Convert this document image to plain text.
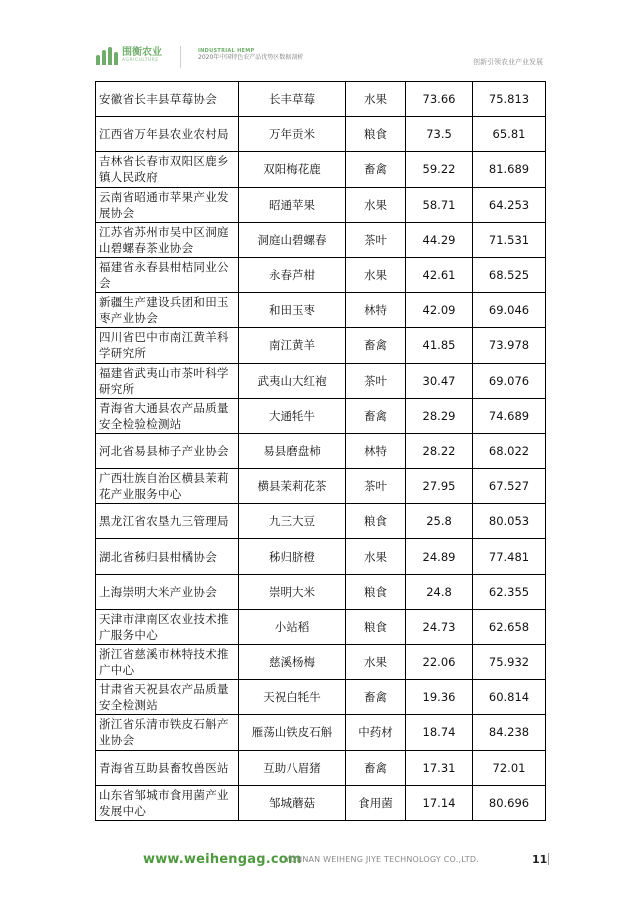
围衡农业
AGRICULTURE
INDUSTRIAL HEMP
2020年中国特色农产品优势区数据剖析
创新引领农业产业发展
安徽省长丰县草莓协会	长丰草莓	水果	73.66	75.813
江西省万年县农业农村局	万年贡米	粮食	73.5	65.81
吉林省长春市双阳区鹿乡镇人民政府	双阳梅花鹿	畜禽	59.22	81.689
云南省昭通市苹果产业发展协会	昭通苹果	水果	58.71	64.253
江苏省苏州市吴中区洞庭山碧螺春茶业协会	洞庭山碧螺春	茶叶	44.29	71.531
福建省永春县柑桔同业公会	永春芦柑	水果	42.61	68.525
新疆生产建设兵团和田玉枣产业协会	和田玉枣	林特	42.09	69.046
四川省巴中市南江黄羊科学研究所	南江黄羊	畜禽	41.85	73.978
福建省武夷山市茶叶科学研究所	武夷山大红袍	茶叶	30.47	69.076
青海省大通县农产品质量安全检验检测站	大通牦牛	畜禽	28.29	74.689
河北省易县柿子产业协会	易县磨盘柿	林特	28.22	68.022
广西壮族自治区横县茉莉花产业服务中心	横县茉莉花茶	茶叶	27.95	67.527
黑龙江省农垦九三管理局	九三大豆	粮食	25.8	80.053
湖北省秭归县柑橘协会	秭归脐橙	水果	24.89	77.481
上海崇明大米产业协会	崇明大米	粮食	24.8	62.355
天津市津南区农业技术推广服务中心	小站稻	粮食	24.73	62.658
浙江省慈溪市林特技术推广中心	慈溪杨梅	水果	22.06	75.932
甘肃省天祝县农产品质量安全检测站	天祝白牦牛	畜禽	19.36	60.814
浙江省乐清市铁皮石斛产业协会	雁荡山铁皮石斛	中药材	18.74	84.238
青海省互助县畜牧兽医站	互助八眉猪	畜禽	17.31	72.01
山东省邹城市食用菌产业发展中心	邹城蘑菇	食用菌	17.14	80.696
www.weihengag.com
YUNNAN WEIHENG JIYE TECHNOLOGY CO.,LTD.	11
